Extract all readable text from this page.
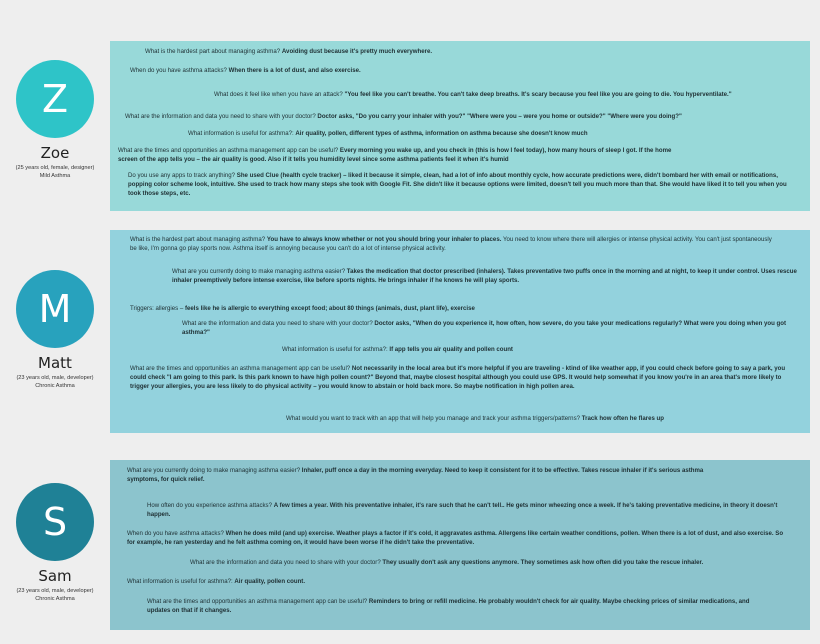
Z
Zoe
(25 years old, female, designer)
Mild Asthma

What is the hardest part about managing asthma? Avoiding dust because it's pretty much everywhere.

When do you have asthma attacks? When there is a lot of dust, and also exercise.

What does it feel like when you have an attack? "You feel like you can't breathe. You can't take deep breaths. It's scary because you feel like you are going to die. You hyperventilate."

What are the information and data you need to share with your doctor? Doctor asks, "Do you carry your inhaler with you?" "Where were you – were you home or outside?" "Where were you doing?"

What information is useful for asthma?: Air quality, pollen, different types of asthma, information on asthma because she doesn't know much

What are the times and opportunities an asthma management app can be useful? Every morning you wake up, and you check in (this is how I feel today), how many hours of sleep I got. If the home screen of the app tells you – the air quality is good. Also if it tells you humidity level since some asthma patients feel it when it's humid

Do you use any apps to track anything? She used Clue (health cycle tracker) – liked it because it simple, clean, had a lot of info about monthly cycle, how accurate predictions were, didn't bombard her with email or notifications, popping color scheme look, intuitive. She used to track how many steps she took with Google Fit. She didn't like it because options were limited, doesn't tell you much more than that. She would have liked it to tell you when you took those steps, etc.

M
Matt
(23 years old, male, developer)
Chronic Asthma

What is the hardest part about managing asthma? You have to always know whether or not you should bring your inhaler to places. You need to know where there will allergies or intense physical activity. You can't just spontaneously be like, I'm gonna go play sports now. Asthma itself is annoying because you can't do a lot of intense physical activity.

What are you currently doing to make managing asthma easier? Takes the medication that doctor prescribed (inhalers). Takes preventative two puffs once in the morning and at night, to keep it under control. Uses rescue inhaler preemptively before intense exercise, like before sports nights. He brings inhaler if he knows he will play sports.

Triggers: allergies – feels like he is allergic to everything except food; about 80 things (animals, dust, plant life), exercise

What are the information and data you need to share with your doctor? Doctor asks, "When do you experience it, how often, how severe, do you take your medications regularly? What were you doing when you got asthma?"

What information is useful for asthma?: If app tells you air quality and pollen count

What are the times and opportunities an asthma management app can be useful? Not necessarily in the local area but it's more helpful if you are traveling - ktind of like weather app, if you could check before going to say a park, you could check "I am going to this park. Is this park known to have high pollen count?" Beyond that, maybe closest hospital although you could use GPS. It would help somewhat if you know you're in an area that's more likely to trigger your allergies, you are less likely to do physical activity – you would know to abstain or hold back more. So maybe notification in high pollen area.

What would you want to track with an app that will help you manage and track your asthma triggers/patterns? Track how often he flares up

S
Sam
(23 years old, male, developer)
Chronic Asthma

What are you currently doing to make managing asthma easier? Inhaler, puff once a day in the morning everyday. Need to keep it consistent for it to be effective. Takes rescue inhaler if it's serious asthma symptoms, for quick relief.

How often do you experience asthma attacks? A few times a year. With his preventative inhaler, it's rare such that he can't tell.. He gets minor wheezing once a week. If he's taking preventative medicine, in theory it doesn't happen.

When do you have asthma attacks? When he does mild (and up) exercise. Weather plays a factor if it's cold, it aggravates asthma. Allergens like certain weather conditions, pollen. When there is a lot of dust, and also exercise. So for example, he ran yesterday and he felt asthma coming on, it would have been worse if he didn't take the preventative.

What are the information and data you need to share with your doctor? They usually don't ask any questions anymore. They sometimes ask how often did you take the rescue inhaler.

What information is useful for asthma?: Air quality, pollen count.

What are the times and opportunities an asthma management app can be useful? Reminders to bring or refill medicine. He probably wouldn't check for air quality. Maybe checking prices of similar medications, and updates on that if it changes.
